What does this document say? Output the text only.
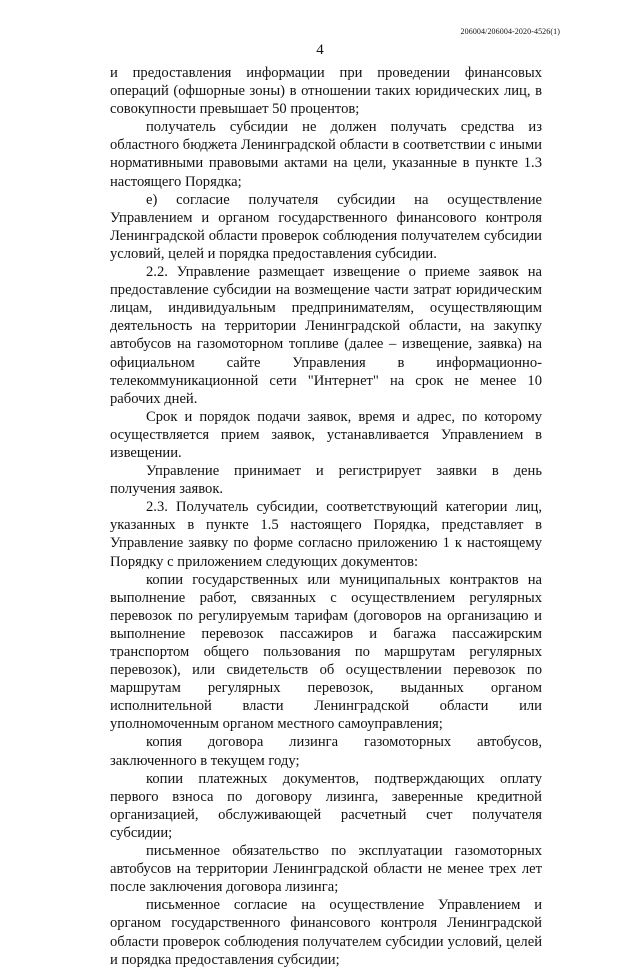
206004/206004-2020-4526(1)
4

и предоставления информации при проведении финансовых операций (офшорные зоны) в отношении таких юридических лиц, в совокупности превышает 50 процентов;

получатель субсидии не должен получать средства из областного бюджета Ленинградской области в соответствии с иными нормативными правовыми актами на цели, указанные в пункте 1.3 настоящего Порядка;

е) согласие получателя субсидии на осуществление Управлением и органом государственного финансового контроля Ленинградской области проверок соблюдения получателем субсидии условий, целей и порядка предоставления субсидии.

2.2. Управление размещает извещение о приеме заявок на предоставление субсидии на возмещение части затрат юридическим лицам, индивидуальным предпринимателям, осуществляющим деятельность на территории Ленинградской области, на закупку автобусов на газомоторном топливе (далее – извещение, заявка) на официальном сайте Управления в информационно-телекоммуникационной сети "Интернет" на срок не менее 10 рабочих дней.

Срок и порядок подачи заявок, время и адрес, по которому осуществляется прием заявок, устанавливается Управлением в извещении.

Управление принимает и регистрирует заявки в день получения заявок.

2.3. Получатель субсидии, соответствующий категории лиц, указанных в пункте 1.5 настоящего Порядка, представляет в Управление заявку по форме согласно приложению 1 к настоящему Порядку с приложением следующих документов:

копии государственных или муниципальных контрактов на выполнение работ, связанных с осуществлением регулярных перевозок по регулируемым тарифам (договоров на организацию и выполнение перевозок пассажиров и багажа пассажирским транспортом общего пользования по маршрутам регулярных перевозок), или свидетельств об осуществлении перевозок по маршрутам регулярных перевозок, выданных органом исполнительной власти Ленинградской области или уполномоченным органом местного самоуправления;

копия договора лизинга газомоторных автобусов, заключенного в текущем году;

копии платежных документов, подтверждающих оплату первого взноса по договору лизинга, заверенные кредитной организацией, обслуживающей расчетный счет получателя субсидии;

письменное обязательство по эксплуатации газомоторных автобусов на территории Ленинградской области не менее трех лет после заключения договора лизинга;

письменное согласие на осуществление Управлением и органом государственного финансового контроля Ленинградской области проверок соблюдения получателем субсидии условий, целей и порядка предоставления субсидии;
